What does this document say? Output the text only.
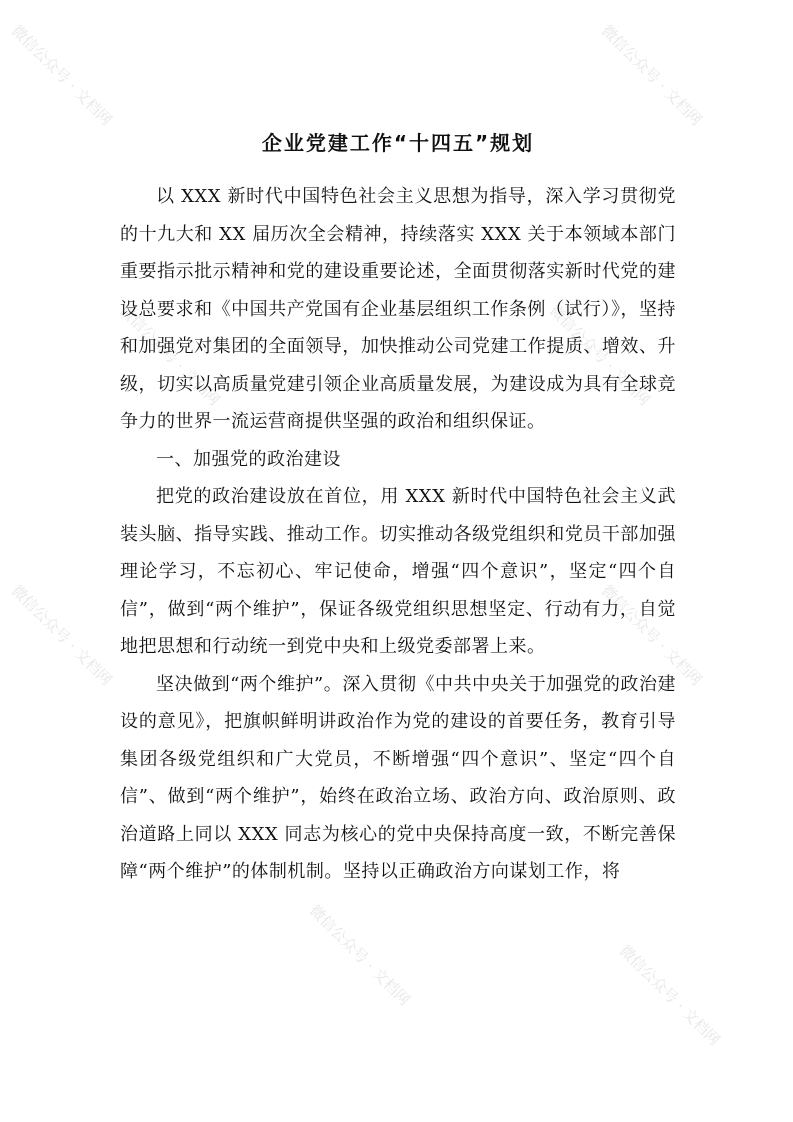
微信公众号 · 文档网	微信公众号 · 文档网
微信公众号 · 文档网	微信公众号 · 文档网
微信公众号 · 文档网	微信公众号 · 文档网
微信公众号 · 文档网	微信公众号 · 文档网
企业党建工作“十四五”规划

以 XXX 新时代中国特色社会主义思想为指导，深入学习贯彻党的十九大和 XX 届历次全会精神，持续落实 XXX 关于本领域本部门重要指示批示精神和党的建设重要论述，全面贯彻落实新时代党的建设总要求和《中国共产党国有企业基层组织工作条例（试行）》，坚持和加强党对集团的全面领导，加快推动公司党建工作提质、增效、升级，切实以高质量党建引领企业高质量发展，为建设成为具有全球竞争力的世界一流运营商提供坚强的政治和组织保证。

一、加强党的政治建设

把党的政治建设放在首位，用 XXX 新时代中国特色社会主义武装头脑、指导实践、推动工作。切实推动各级党组织和党员干部加强理论学习，不忘初心、牢记使命，增强“四个意识”，坚定“四个自信”，做到“两个维护”，保证各级党组织思想坚定、行动有力，自觉地把思想和行动统一到党中央和上级党委部署上来。

坚决做到“两个维护”。深入贯彻《中共中央关于加强党的政治建设的意见》，把旗帜鲜明讲政治作为党的建设的首要任务，教育引导集团各级党组织和广大党员，不断增强“四个意识”、坚定“四个自信”、做到“两个维护”，始终在政治立场、政治方向、政治原则、政治道路上同以 XXX 同志为核心的党中央保持高度一致，不断完善保障“两个维护”的体制机制。坚持以正确政治方向谋划工作，将
